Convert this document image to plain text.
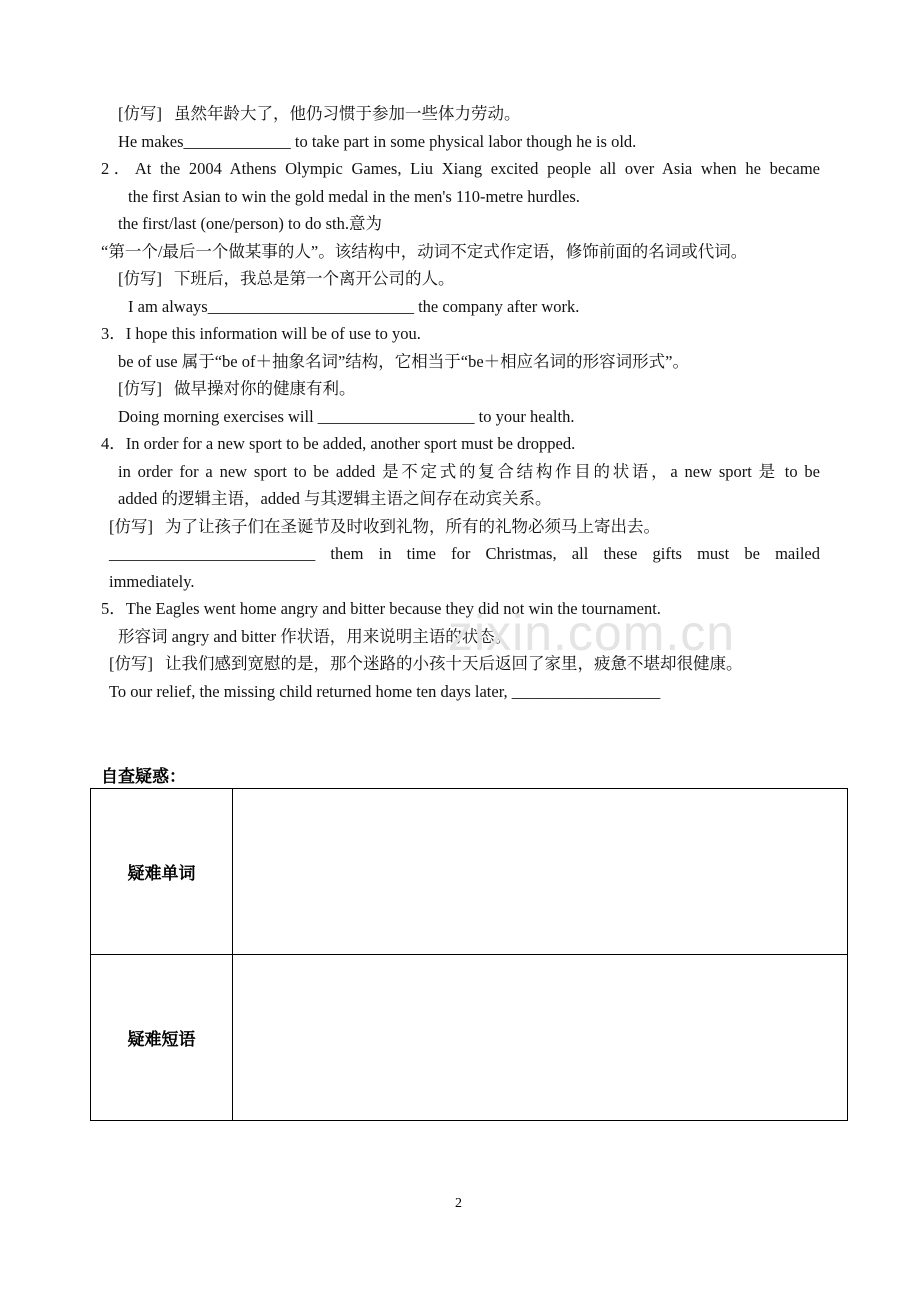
[仿写] 虽然年龄大了，他仍习惯于参加一些体力劳动。
He makes_____________ to take part in some physical labor though he is old.
2．At the 2004 Athens Olympic Games, Liu Xiang excited people all over Asia when he became
the first Asian to win the gold medal in the men's 110‑metre hurdles.
the first/last (one/person) to do sth.意为
“第一个/最后一个做某事的人”。该结构中，动词不定式作定语，修饰前面的名词或代词。
[仿写] 下班后，我总是第一个离开公司的人。
I am always_________________________ the company after work.
3．I hope this information will be of use to you.
be of use 属于“be of＋抽象名词”结构，它相当于“be＋相应名词的形容词形式”。
[仿写] 做早操对你的健康有利。
Doing morning exercises will ___________________ to your health.
4．In order for a new sport to be added, another sport must be dropped.
in order for a new sport to be added 是不定式的复合结构作目的状语，a new sport 是 to be
added 的逻辑主语，added 与其逻辑主语之间存在动宾关系。
[仿写] 为了让孩子们在圣诞节及时收到礼物，所有的礼物必须马上寄出去。
_________________________ them in time for Christmas, all these gifts must be mailed
immediately.
5．The Eagles went home angry and bitter because they did not win the tournament.
形容词 angry and bitter 作状语，用来说明主语的状态。
[仿写] 让我们感到宽慰的是，那个迷路的小孩十天后返回了家里，疲惫不堪却很健康。
To our relief, the missing child returned home ten days later, __________________
zixin.com.cn
自查疑惑：
疑难单词	
疑难短语	
2
